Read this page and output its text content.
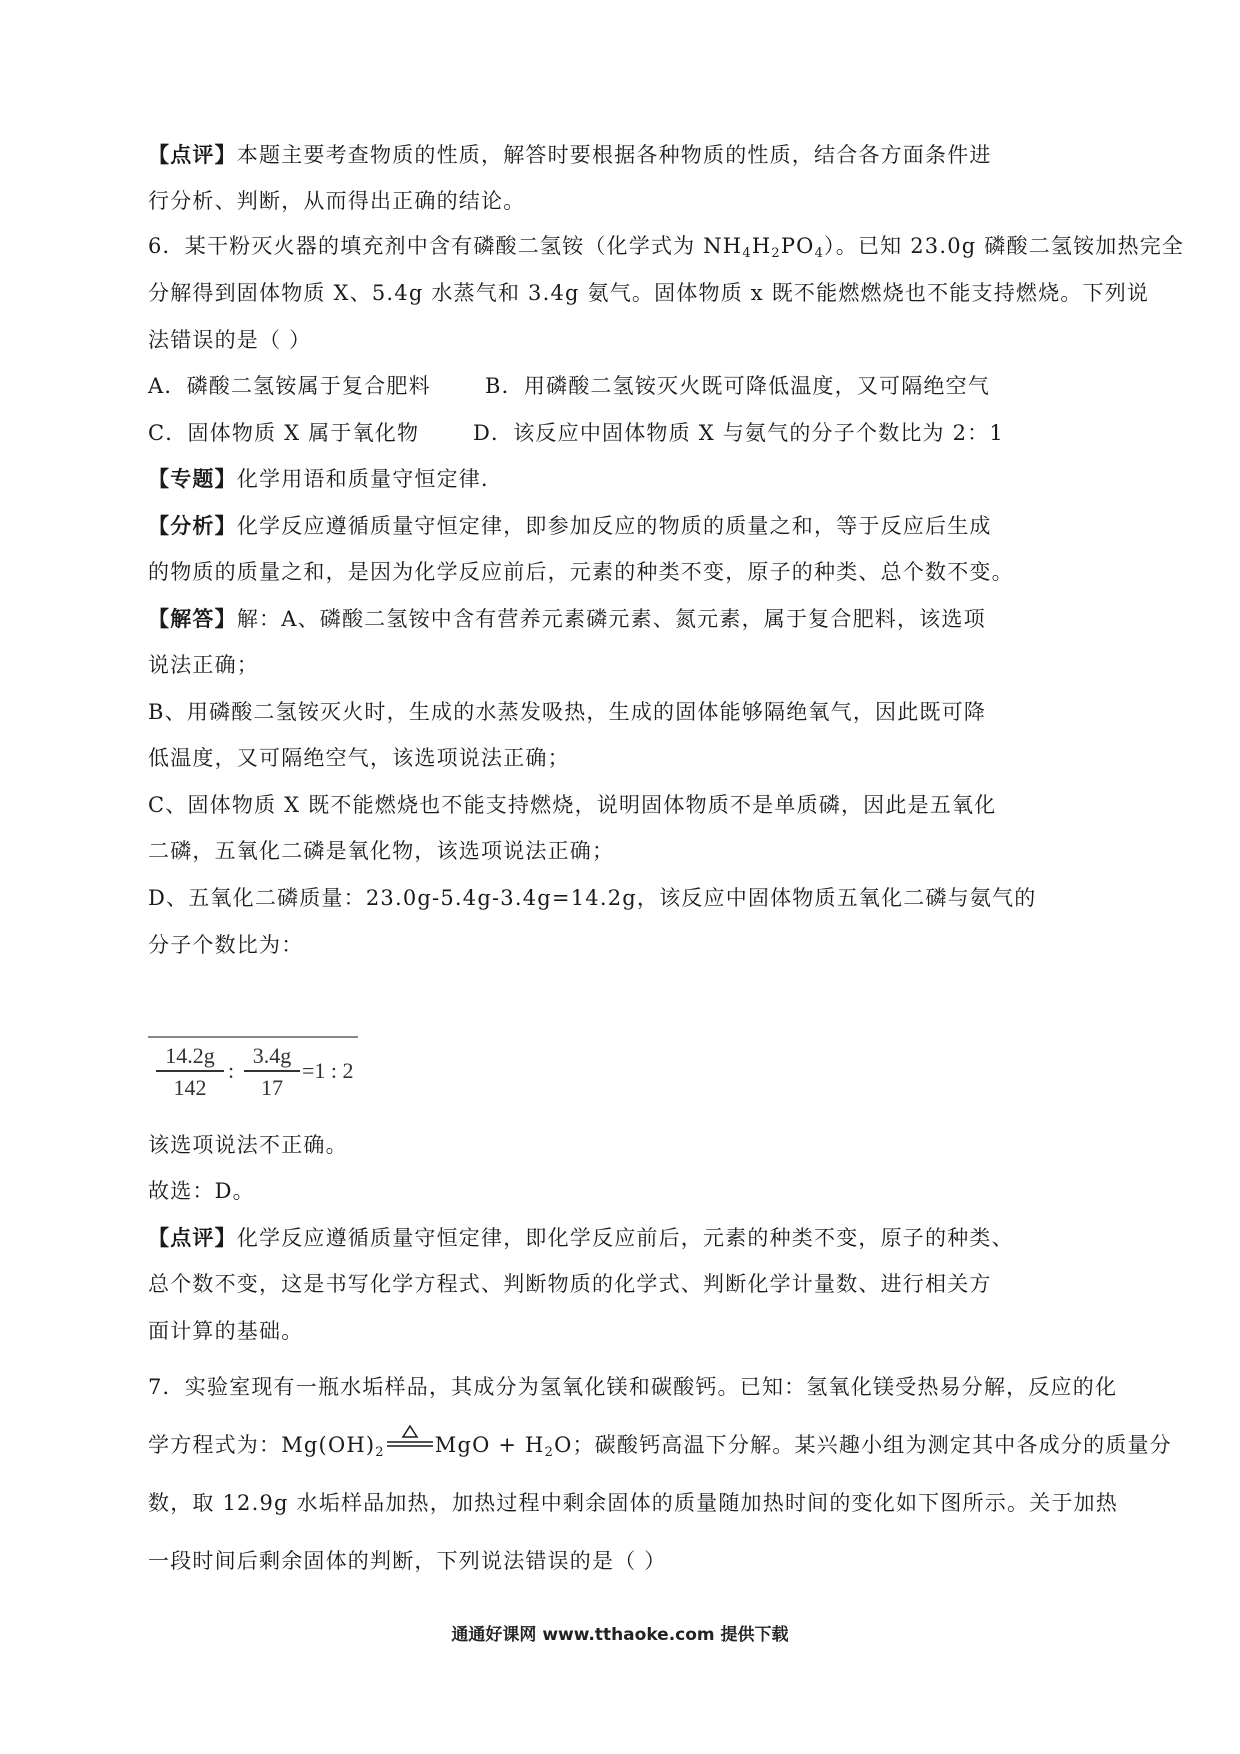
【点评】本题主要考查物质的性质，解答时要根据各种物质的性质，结合各方面条件进
行分析、判断，从而得出正确的结论。
6．某干粉灭火器的填充剂中含有磷酸二氢铵（化学式为 $NH_4H_2PO_4$）。已知 23.0g 磷酸二氢铵加热完全
分解得到固体物质 X、5.4g 水蒸气和 3.4g 氨气。固体物质 x 既不能燃燃烧也不能支持燃烧。下列说
法错误的是（ ）
A．磷酸二氢铵属于复合肥料	B．用磷酸二氢铵灭火既可降低温度，又可隔绝空气
C．固体物质 X 属于氧化物	D．该反应中固体物质 X 与氨气的分子个数比为 2：1
【专题】化学用语和质量守恒定律．
【分析】化学反应遵循质量守恒定律，即参加反应的物质的质量之和，等于反应后生成
的物质的质量之和，是因为化学反应前后，元素的种类不变，原子的种类、总个数不变。
【解答】解：A、磷酸二氢铵中含有营养元素磷元素、氮元素，属于复合肥料，该选项
说法正确；
B、用磷酸二氢铵灭火时，生成的水蒸发吸热，生成的固体能够隔绝氧气，因此既可降
低温度，又可隔绝空气，该选项说法正确；
C、固体物质 X 既不能燃烧也不能支持燃烧，说明固体物质不是单质磷，因此是五氧化
二磷，五氧化二磷是氧化物，该选项说法正确；
D、五氧化二磷质量：23.0g-5.4g-3.4g=14.2g，该反应中固体物质五氧化二磷与氨气的
分子个数比为：
$\frac{14.2g}{142}$ : $\frac{3.4g}{17} =1$ : 2
该选项说法不正确。
故选：D。
【点评】化学反应遵循质量守恒定律，即化学反应前后，元素的种类不变，原子的种类、
总个数不变，这是书写化学方程式、判断物质的化学式、判断化学计量数、进行相关方
面计算的基础。
7．实验室现有一瓶水垢样品，其成分为氢氧化镁和碳酸钙。已知：氢氧化镁受热易分解，反应的化
学方程式为：$Mg(OH)_2$ MgO + $H_2O$；碳酸钙高温下分解。某兴趣小组为测定其中各成分的质量分
数，取 12.9g 水垢样品加热，加热过程中剩余固体的质量随加热时间的变化如下图所示。关于加热
一段时间后剩余固体的判断，下列说法错误的是（ ）
通通好课网 www.tthaoke.com 提供下载
